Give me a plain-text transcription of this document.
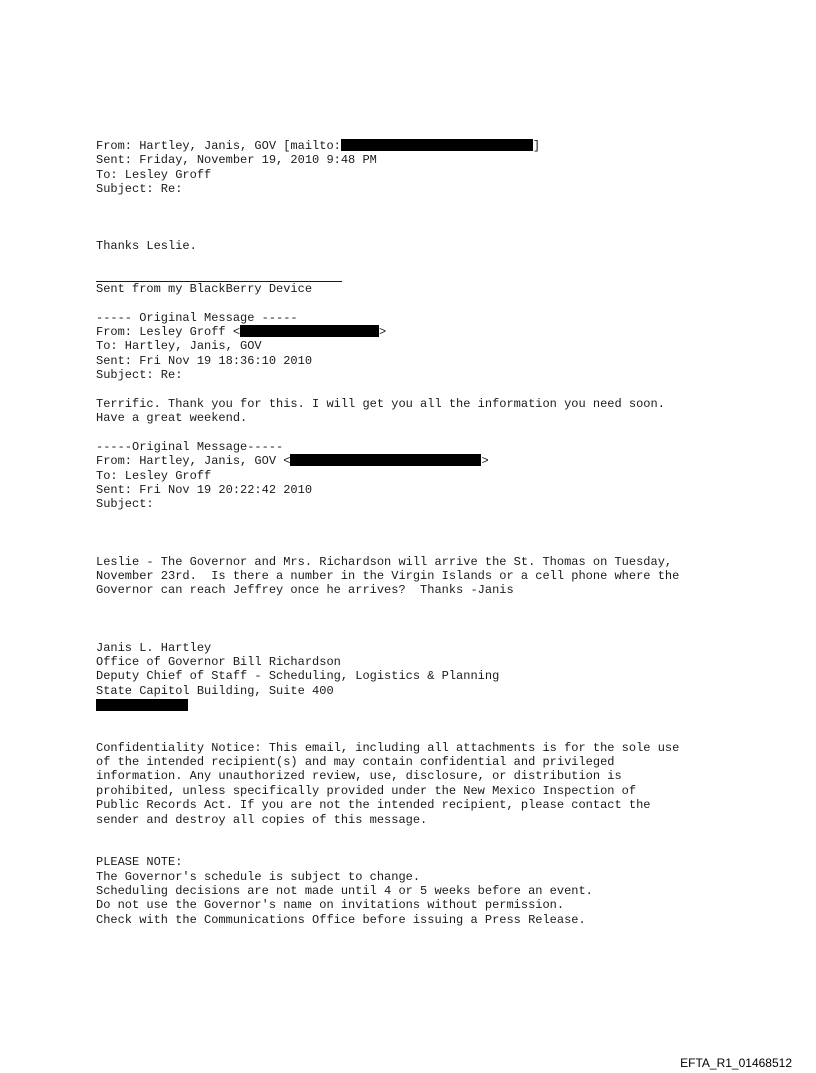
From: Hartley, Janis, GOV [mailto:	]
Sent: Friday, November 19, 2010 9:48 PM
To: Lesley Groff
Subject: Re:
Thanks Leslie.
Sent from my BlackBerry Device
----- Original Message -----
From: Lesley Groff <	>
To: Hartley, Janis, GOV
Sent: Fri Nov 19 18:36:10 2010
Subject: Re:
Terrific. Thank you for this. I will get you all the information you need soon.
Have a great weekend.
-----Original Message-----
From: Hartley, Janis, GOV <	>
To: Lesley Groff
Sent: Fri Nov 19 20:22:42 2010
Subject:
Leslie - The Governor and Mrs. Richardson will arrive the St. Thomas on Tuesday,
November 23rd.  Is there a number in the Virgin Islands or a cell phone where the
Governor can reach Jeffrey once he arrives?  Thanks -Janis
Janis L. Hartley
Office of Governor Bill Richardson
Deputy Chief of Staff - Scheduling, Logistics & Planning
State Capitol Building, Suite 400
Confidentiality Notice: This email, including all attachments is for the sole use
of the intended recipient(s) and may contain confidential and privileged
information. Any unauthorized review, use, disclosure, or distribution is
prohibited, unless specifically provided under the New Mexico Inspection of
Public Records Act. If you are not the intended recipient, please contact the
sender and destroy all copies of this message.
PLEASE NOTE:
The Governor's schedule is subject to change.
Scheduling decisions are not made until 4 or 5 weeks before an event.
Do not use the Governor's name on invitations without permission.
Check with the Communications Office before issuing a Press Release.
EFTA_R1_01468512
